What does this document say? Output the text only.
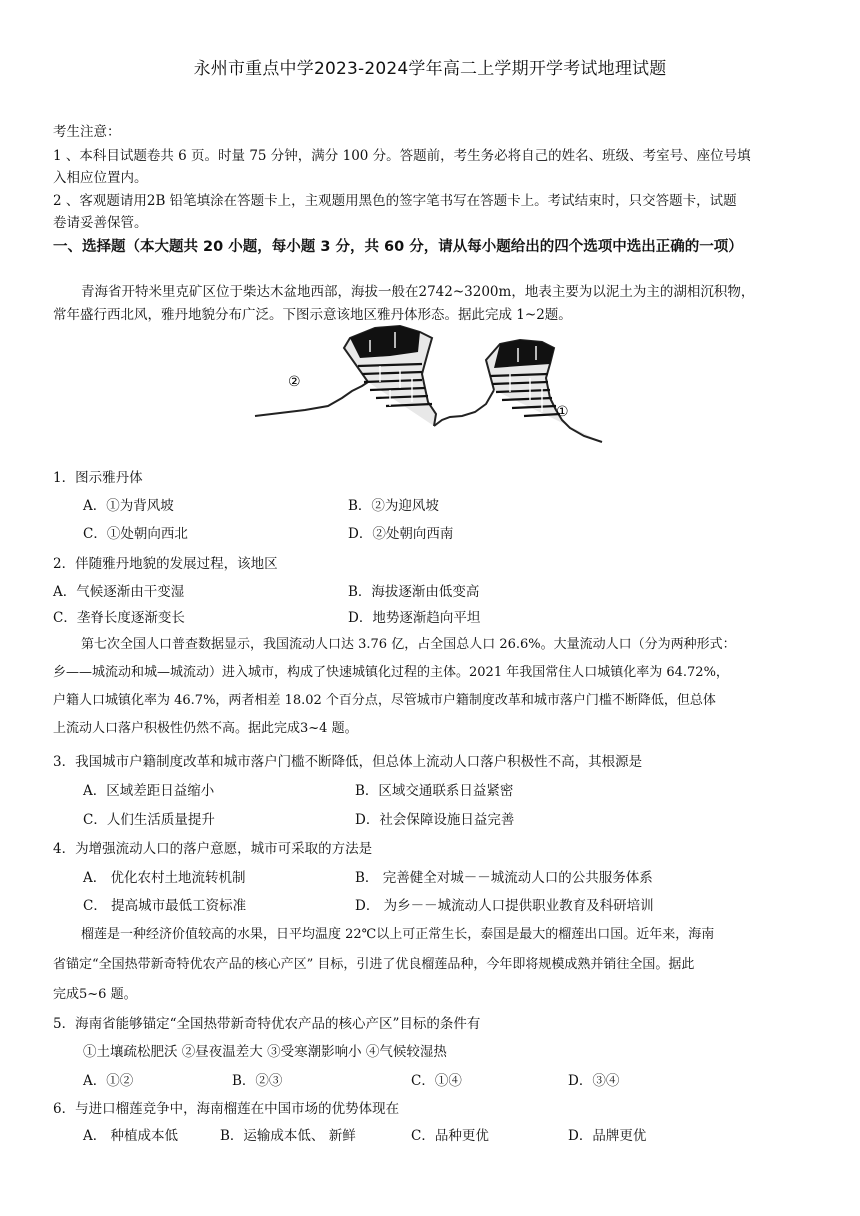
永州市重点中学2023-2024学年高二上学期开学考试地理试题
考生注意：
1 、本科目试题卷共 6 页。时量 75 分钟，满分 100 分。答题前，考生务必将自己的姓名、班级、考室号、座位号填
入相应位置内。
2 、客观题请用2B 铅笔填涂在答题卡上，主观题用黑色的签字笔书写在答题卡上。考试结束时，只交答题卡，试题
卷请妥善保管。
一、选择题（本大题共 20 小题，每小题 3 分，共 60 分，请从每小题给出的四个选项中选出正确的一项）
青海省开特米里克矿区位于柴达木盆地西部，海拔一般在2742~3200m，地表主要为以泥土为主的湖相沉积物，
常年盛行西北风，雅丹地貌分布广泛。下图示意该地区雅丹体形态。据此完成 1~2题。
②
①
1．图示雅丹体
A．①为背风坡	B．②为迎风坡
C．①处朝向西北	D．②处朝向西南
2．伴随雅丹地貌的发展过程，该地区
A．气候逐渐由干变湿	B．海拔逐渐由低变高
C．垄脊长度逐渐变长	D．地势逐渐趋向平坦
第七次全国人口普查数据显示，我国流动人口达 3.76 亿，占全国总人口 26.6%。大量流动人口（分为两种形式：
乡——城流动和城—城流动）进入城市，构成了快速城镇化过程的主体。2021 年我国常住人口城镇化率为 64.72%，
户籍人口城镇化率为 46.7%，两者相差 18.02 个百分点，尽管城市户籍制度改革和城市落户门槛不断降低，但总体
上流动人口落户积极性仍然不高。据此完成3~4 题。
3．我国城市户籍制度改革和城市落户门槛不断降低，但总体上流动人口落户积极性不高，其根源是
A．区域差距日益缩小	B．区域交通联系日益紧密
C．人们生活质量提升	D．社会保障设施日益完善
4．为增强流动人口的落户意愿，城市可采取的方法是
A． 优化农村土地流转机制	B． 完善健全对城－－城流动人口的公共服务体系
C． 提高城市最低工资标准	D． 为乡－－城流动人口提供职业教育及科研培训
榴莲是一种经济价值较高的水果，日平均温度 22℃以上可正常生长，泰国是最大的榴莲出口国。近年来，海南
省锚定“全国热带新奇特优农产品的核心产区” 目标，引进了优良榴莲品种，今年即将规模成熟并销往全国。据此
完成5~6 题。
5．海南省能够锚定“全国热带新奇特优农产品的核心产区”目标的条件有
①土壤疏松肥沃 ②昼夜温差大 ③受寒潮影响小 ④气候较湿热
A．①②	B．②③	C．①④	D．③④
6．与进口榴莲竞争中，海南榴莲在中国市场的优势体现在
A． 种植成本低	B．运输成本低、 新鲜	C．品种更优	D．品牌更优
